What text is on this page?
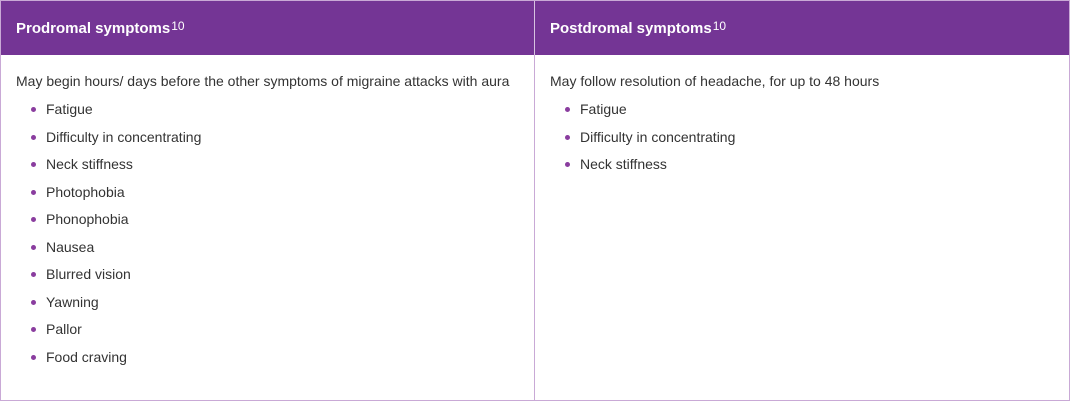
Prodromal symptoms$^{10}$	Postdromal symptoms$^{10}$

May begin hours/ days before the other symptoms of migraine attacks with aura

Fatigue
Difficulty in concentrating
Neck stiffness
Photophobia
Phonophobia
Nausea
Blurred vision
Yawning
Pallor
Food craving

May follow resolution of headache, for up to 48 hours

Fatigue
Difficulty in concentrating
Neck stiffness
